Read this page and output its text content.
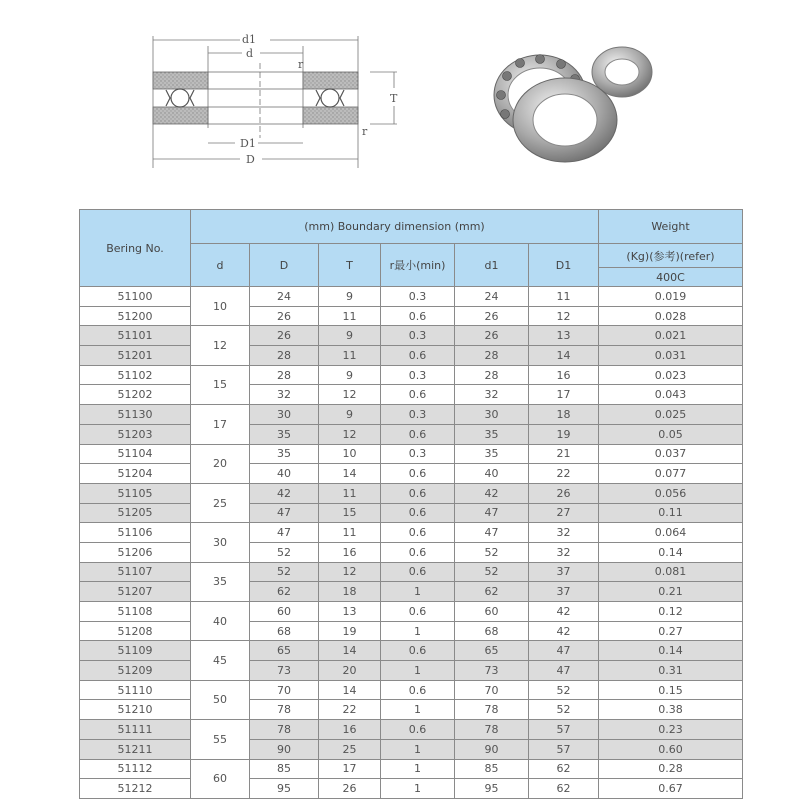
d1
d
r
T
D1
D
r
Bering No.	(mm) Boundary dimension (mm)						Weight
	d	D	T	r最小(min)	d1	D1	(Kg)(参考)(refer)
							400C
51100	10	24	9	0.3	24	11	0.019
51200		26	11	0.6	26	12	0.028
51101	12	26	9	0.3	26	13	0.021
51201		28	11	0.6	28	14	0.031
51102	15	28	9	0.3	28	16	0.023
51202		32	12	0.6	32	17	0.043
51130	17	30	9	0.3	30	18	0.025
51203		35	12	0.6	35	19	0.05
51104	20	35	10	0.3	35	21	0.037
51204		40	14	0.6	40	22	0.077
51105	25	42	11	0.6	42	26	0.056
51205		47	15	0.6	47	27	0.11
51106	30	47	11	0.6	47	32	0.064
51206		52	16	0.6	52	32	0.14
51107	35	52	12	0.6	52	37	0.081
51207		62	18	1	62	37	0.21
51108	40	60	13	0.6	60	42	0.12
51208		68	19	1	68	42	0.27
51109	45	65	14	0.6	65	47	0.14
51209		73	20	1	73	47	0.31
51110	50	70	14	0.6	70	52	0.15
51210		78	22	1	78	52	0.38
51111	55	78	16	0.6	78	57	0.23
51211		90	25	1	90	57	0.60
51112	60	85	17	1	85	62	0.28
51212		95	26	1	95	62	0.67
